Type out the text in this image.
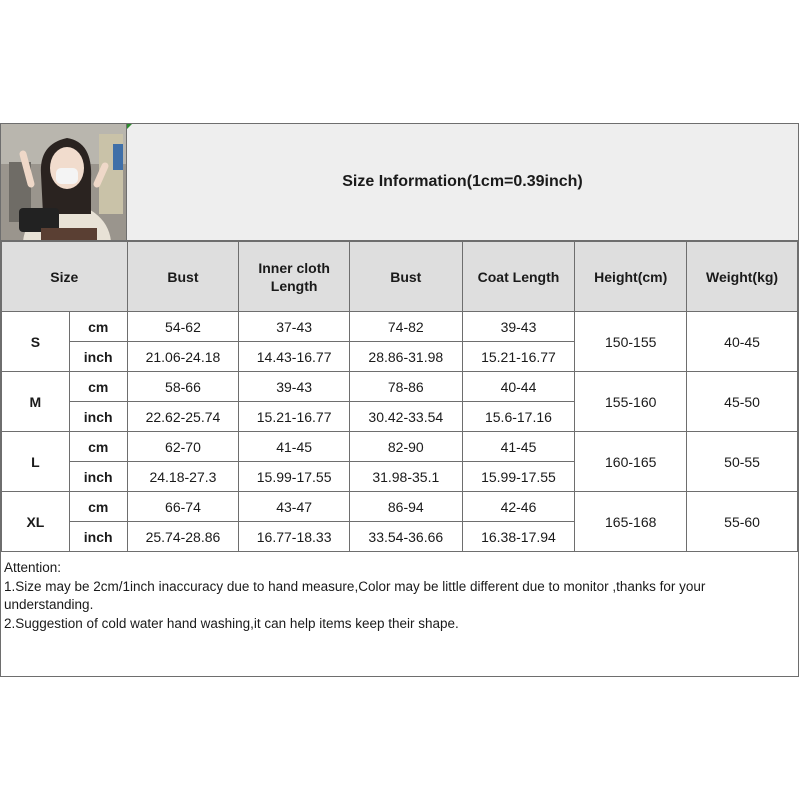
Size Information(1cm=0.39inch)
Size		Bust	Inner cloth
Length	Bust	Coat Length	Height(cm)	Weight(kg)
S	cm	54-62	37-43	74-82	39-43	150-155	40-45
	inch	21.06-24.18	14.43-16.77	28.86-31.98	15.21-16.77		
M	cm	58-66	39-43	78-86	40-44	155-160	45-50
	inch	22.62-25.74	15.21-16.77	30.42-33.54	15.6-17.16		
L	cm	62-70	41-45	82-90	41-45	160-165	50-55
	inch	24.18-27.3	15.99-17.55	31.98-35.1	15.99-17.55		
XL	cm	66-74	43-47	86-94	42-46	165-168	55-60
	inch	25.74-28.86	16.77-18.33	33.54-36.66	16.38-17.94		
Attention:
1.Size may be 2cm/1inch inaccuracy due to hand measure,Color may be little different due to monitor ,thanks for your understanding.
2.Suggestion of cold water hand washing,it can help items keep their shape.
